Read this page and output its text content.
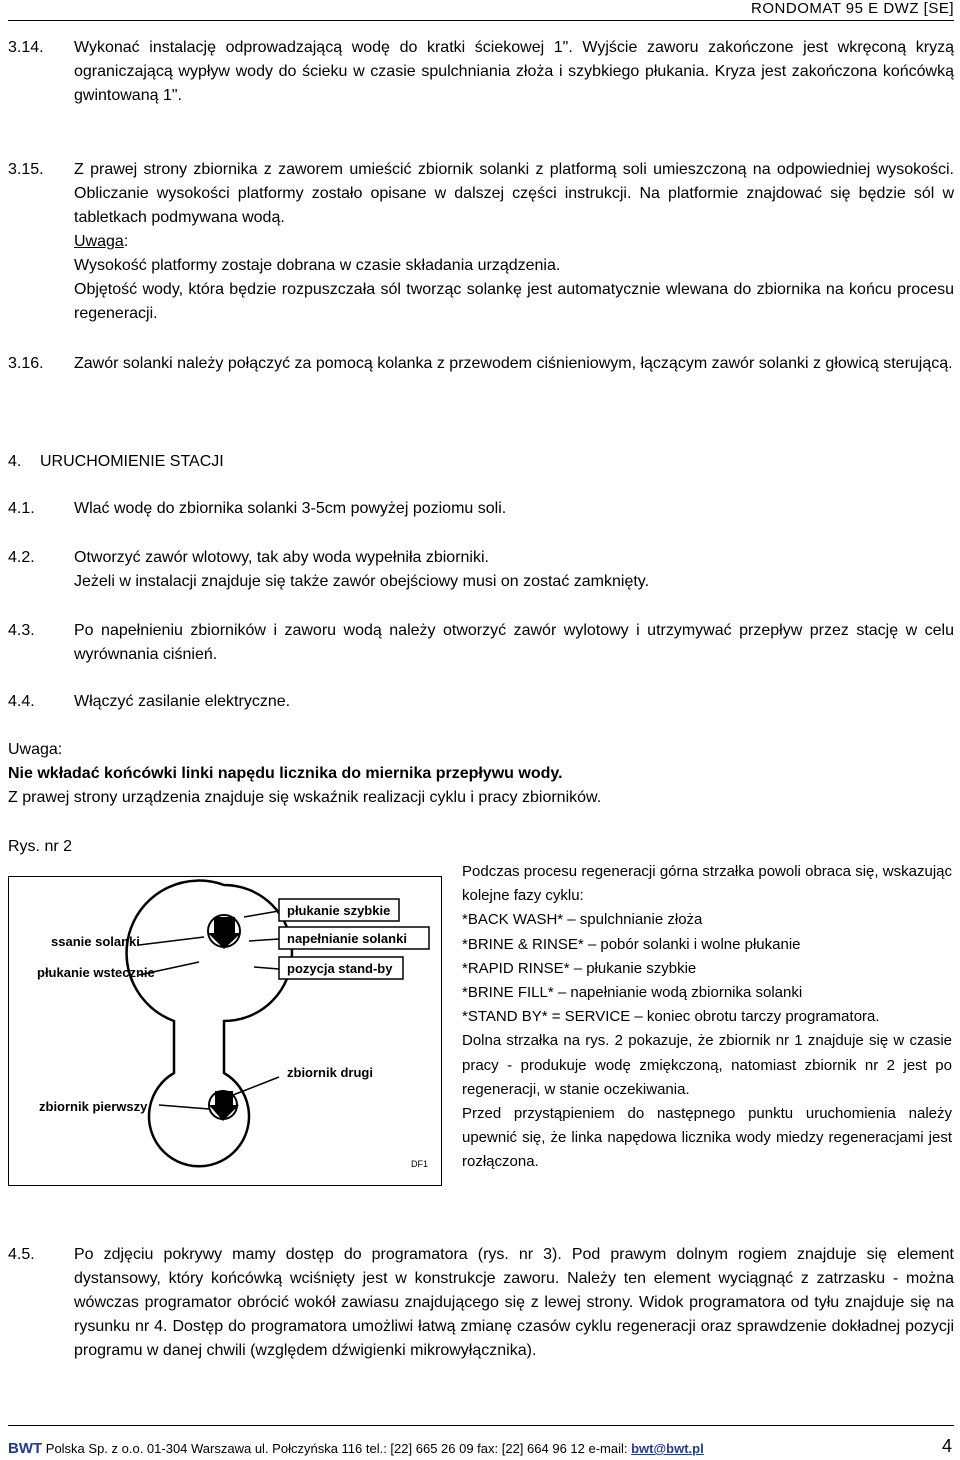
RONDOMAT 95 E DWZ [SE]
3.14. Wykonać instalację odprowadzającą wodę do kratki ściekowej 1". Wyjście zaworu zakończone jest wkręconą kryzą ograniczającą wypływ wody do ścieku w czasie spulchniania złoża i szybkiego płukania. Kryza jest zakończona końcówką gwintowaną 1".
3.15. Z prawej strony zbiornika z zaworem umieścić zbiornik solanki z platformą soli umieszczoną na odpowiedniej wysokości. Obliczanie wysokości platformy zostało opisane w dalszej części instrukcji. Na platformie znajdować się będzie sól w tabletkach podmywana wodą.
Uwaga:
Wysokość platformy zostaje dobrana w czasie składania urządzenia.
Objętość wody, która będzie rozpuszczała sól tworząc solankę jest automatycznie wlewana do zbiornika na końcu procesu regeneracji.
3.16. Zawór solanki należy połączyć za pomocą kolanka z przewodem ciśnieniowym, łączącym zawór solanki z głowicą sterującą.
4. URUCHOMIENIE STACJI
4.1. Wlać wodę do zbiornika solanki 3-5cm powyżej poziomu soli.
4.2. Otworzyć zawór wlotowy, tak aby woda wypełniła zbiorniki.
Jeżeli w instalacji znajduje się także zawór obejściowy musi on zostać zamknięty.
4.3. Po napełnieniu zbiorników i zaworu wodą należy otworzyć zawór wylotowy i utrzymywać przepływ przez stację w celu wyrównania ciśnień.
4.4. Włączyć zasilanie elektryczne.
Uwaga:
Nie wkładać końcówki linki napędu licznika do miernika przepływu wody.
Z prawej strony urządzenia znajduje się wskaźnik realizacji cyklu i pracy zbiorników.
Rys. nr 2
płukanie szybkie
napełnianie solanki
pozycja stand-by
ssanie solanki
płukanie wstecznie
zbiornik drugi
zbiornik pierwszy
DF1
Podczas procesu regeneracji górna strzałka powoli obraca się, wskazując kolejne fazy cyklu:
*BACK WASH* – spulchnianie złoża
*BRINE & RINSE* – pobór solanki i wolne płukanie
*RAPID RINSE* – płukanie szybkie
*BRINE FILL* – napełnianie wodą zbiornika solanki
*STAND BY* = SERVICE – koniec obrotu tarczy programatora.
Dolna strzałka na rys. 2 pokazuje, że zbiornik nr 1 znajduje się w czasie pracy - produkuje wodę zmiękczoną, natomiast zbiornik nr 2 jest po regeneracji, w stanie oczekiwania.
Przed przystąpieniem do następnego punktu uruchomienia należy upewnić się, że linka napędowa licznika wody miedzy regeneracjami jest rozłączona.
4.5. Po zdjęciu pokrywy mamy dostęp do programatora (rys. nr 3). Pod prawym dolnym rogiem znajduje się element dystansowy, który końcówką wciśnięty jest w konstrukcje zaworu. Należy ten element wyciągnąć z zatrzasku - można wówczas programator obrócić wokół zawiasu znajdującego się z lewej strony. Widok programatora od tyłu znajduje się na rysunku nr 4. Dostęp do programatora umożliwi łatwą zmianę czasów cyklu regeneracji oraz sprawdzenie dokładnej pozycji programu w danej chwili (względem dźwigienki mikrowyłącznika).
BWT Polska Sp. z o.o. 01-304 Warszawa ul. Połczyńska 116 tel.: [22] 665 26 09 fax: [22] 664 96 12 e-mail: bwt@bwt.pl	4
